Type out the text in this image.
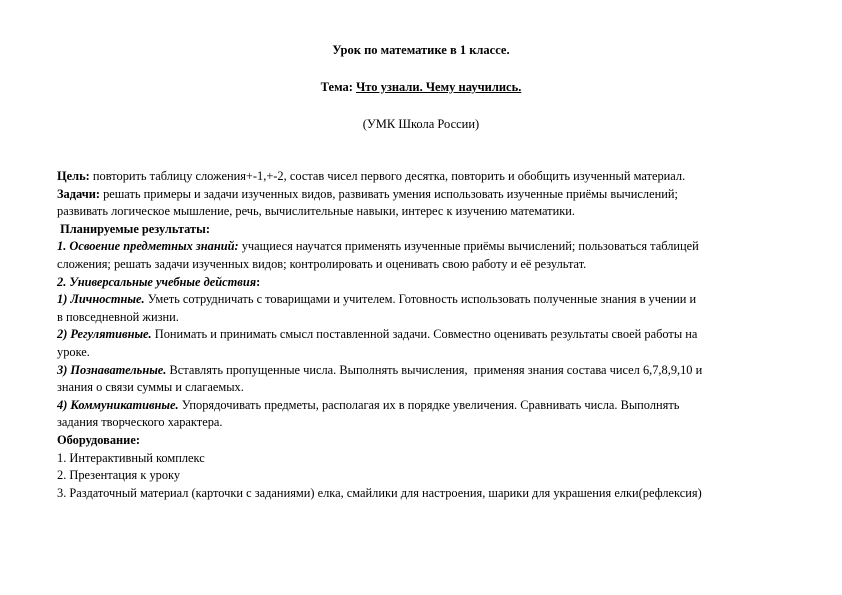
Урок по математике в 1 классе.
Тема: Что узнали. Чему научились.
(УМК Школа России)
Цель: повторить таблицу сложения+-1,+-2, состав чисел первого десятка, повторить и обобщить изученный материал.
Задачи: решать примеры и задачи изученных видов, развивать умения использовать изученные приёмы вычислений;
развивать логическое мышление, речь, вычислительные навыки, интерес к изучению математики.
Планируемые результаты:
1. Освоение предметных знаний: учащиеся научатся применять изученные приёмы вычислений; пользоваться таблицей
сложения; решать задачи изученных видов; контролировать и оценивать свою работу и её результат.
2. Универсальные учебные действия:
1) Личностные. Уметь сотрудничать с товарищами и учителем. Готовность использовать полученные знания в учении и
в повседневной жизни.
2) Регулятивные. Понимать и принимать смысл поставленной задачи. Совместно оценивать результаты своей работы на
уроке.
3) Познавательные. Вставлять пропущенные числа. Выполнять вычисления,  применяя знания состава чисел 6,7,8,9,10 и
знания о связи суммы и слагаемых.
4) Коммуникативные. Упорядочивать предметы, располагая их в порядке увеличения. Сравнивать числа. Выполнять
задания творческого характера.
Оборудование:
1. Интерактивный комплекс
2. Презентация к уроку
3. Раздаточный материал (карточки с заданиями) елка, смайлики для настроения, шарики для украшения елки(рефлексия)
